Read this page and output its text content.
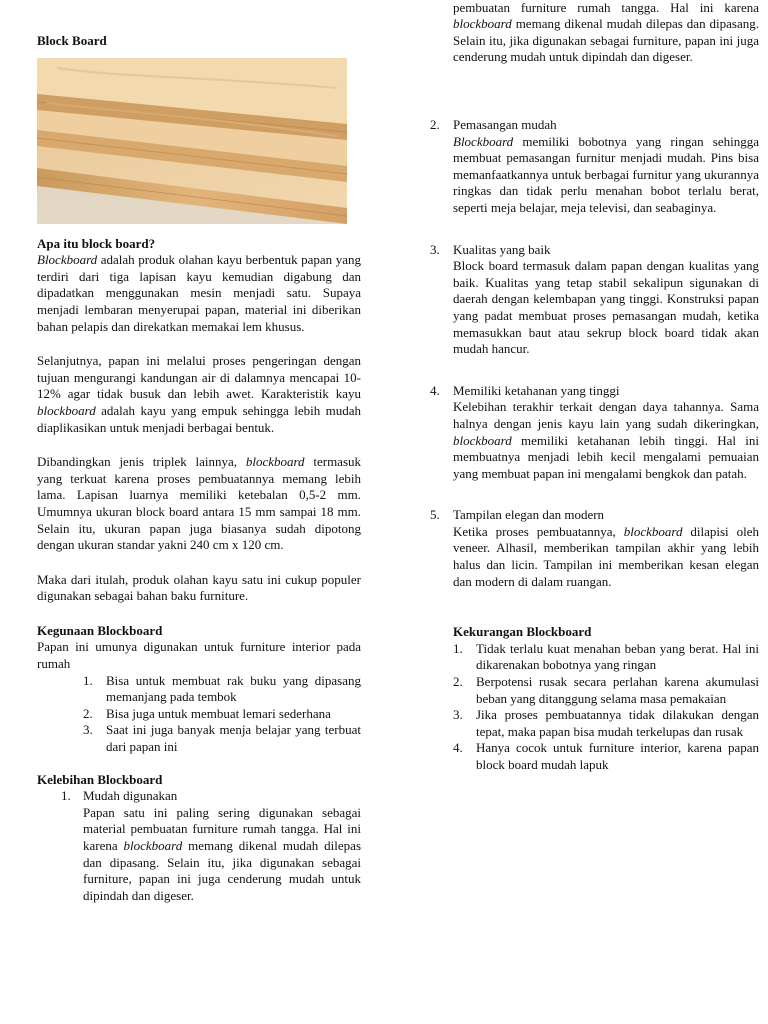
Block Board
Apa itu block board?

Blockboard adalah produk olahan kayu berbentuk papan yang terdiri dari tiga lapisan kayu kemudian digabung dan dipadatkan menggunakan mesin menjadi satu. Supaya menjadi lembaran menyerupai papan, material ini diberikan bahan pelapis dan direkatkan memakai lem khusus.

Selanjutnya, papan ini melalui proses pengeringan dengan tujuan mengurangi kandungan air di dalamnya mencapai 10-12% agar tidak busuk dan lebih awet. Karakteristik kayu blockboard adalah kayu yang empuk sehingga lebih mudah diaplikasikan untuk menjadi berbagai bentuk.

Dibandingkan jenis triplek lainnya, blockboard termasuk yang terkuat karena proses pembuatannya memang lebih lama. Lapisan luarnya memiliki ketebalan 0,5-2 mm. Umumnya ukuran block board antara 15 mm sampai 18 mm. Selain itu, ukuran papan juga biasanya sudah dipotong dengan ukuran standar yakni 240 cm x 120 cm.

Maka dari itulah, produk olahan kayu satu ini cukup populer digunakan sebagai bahan baku furniture.

Kegunaan Blockboard

Papan ini umunya digunakan untuk furniture interior pada rumah

1. Bisa untuk membuat rak buku yang dipasang memanjang pada tembok

2. Bisa juga untuk membuat lemari sederhana

3. Saat ini juga banyak menja belajar yang terbuat dari papan ini

Kelebihan Blockboard
1. Mudah digunakan

Papan satu ini paling sering digunakan sebagai material pembuatan furniture rumah tangga. Hal ini karena blockboard memang dikenal mudah dilepas dan dipasang. Selain itu, jika digunakan sebagai furniture, papan ini juga cenderung mudah untuk dipindah dan digeser.

pembuatan furniture rumah tangga. Hal ini karena blockboard memang dikenal mudah dilepas dan dipasang. Selain itu, jika digunakan sebagai furniture, papan ini juga cenderung mudah untuk dipindah dan digeser.

2. Pemasangan mudah

Blockboard memiliki bobotnya yang ringan sehingga membuat pemasangan furnitur menjadi mudah. Pins bisa memanfaatkannya untuk berbagai furnitur yang ukurannya ringkas dan tidak perlu menahan bobot terlalu berat, seperti meja belajar, meja televisi, dan seabaginya.

3. Kualitas yang baik

Block board termasuk dalam papan dengan kualitas yang baik. Kualitas yang tetap stabil sekalipun sigunakan di daerah dengan kelembapan yang tinggi. Konstruksi papan yang padat membuat proses pemasangan mudah, ketika memasukkan baut atau sekrup block board tidak akan mudah hancur.

4. Memiliki ketahanan yang tinggi

Kelebihan terakhir terkait dengan daya tahannya. Sama halnya dengan jenis kayu lain yang sudah dikeringkan, blockboard memiliki ketahanan lebih tinggi. Hal ini membuatnya menjadi lebih kecil mengalami pemuaian yang membuat papan ini mengalami bengkok dan patah.

5. Tampilan elegan dan modern

Ketika proses pembuatannya, blockboard dilapisi oleh veneer. Alhasil, memberikan tampilan akhir yang lebih halus dan licin. Tampilan ini memberikan kesan elegan dan modern di dalam ruangan.

Kekurangan Blockboard
1. Tidak terlalu kuat menahan beban yang berat. Hal ini dikarenakan bobotnya yang ringan

2. Berpotensi rusak secara perlahan karena akumulasi beban yang ditanggung selama masa pemakaian

3. Jika proses pembuatannya tidak dilakukan dengan tepat, maka papan bisa mudah terkelupas dan rusak

4. Hanya cocok untuk furniture interior, karena papan block board mudah lapuk
